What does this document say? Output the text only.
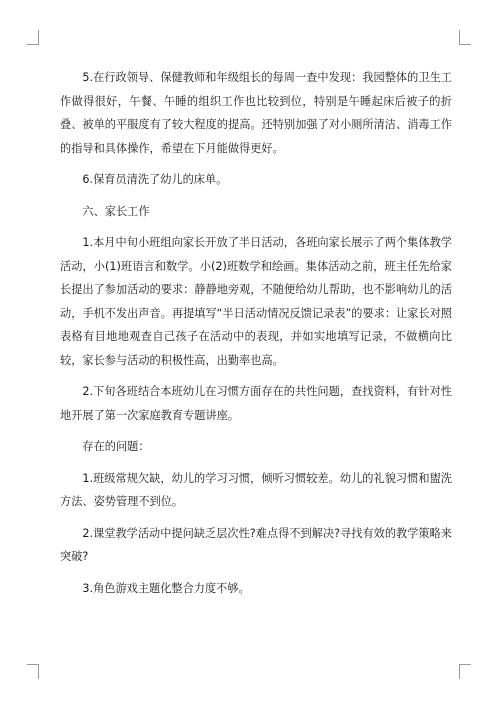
5.在行政领导、保健教师和年级组长的每周一查中发现：我园整体的卫生工作做得很好，午餐、午睡的组织工作也比较到位，特别是午睡起床后被子的折叠、被单的平服度有了较大程度的提高。还特别加强了对小厕所清洁、消毒工作的指导和具体操作，希望在下月能做得更好。

6.保育员清洗了幼儿的床单。

六、家长工作

1.本月中旬小班组向家长开放了半日活动，各班向家长展示了两个集体教学活动，小(1)班语言和数学。小(2)班数学和绘画。集体活动之前，班主任先给家长提出了参加活动的要求：静静地旁观，不随便给幼儿帮助，也不影响幼儿的活动，手机不发出声音。再提填写“半日活动情况反馈记录表”的要求：让家长对照表格有目地地观查自己孩子在活动中的表现，并如实地填写记录，不做横向比较，家长参与活动的积极性高，出勤率也高。

2.下旬各班结合本班幼儿在习惯方面存在的共性问题，查找资料，有针对性地开展了第一次家庭教育专题讲座。

存在的问题：

1.班级常规欠缺，幼儿的学习习惯，倾听习惯较差。幼儿的礼貌习惯和盥洗方法、姿势管理不到位。

2.课堂教学活动中提问缺乏层次性?难点得不到解决?寻找有效的教学策略来突破?

3.角色游戏主题化整合力度不够。
